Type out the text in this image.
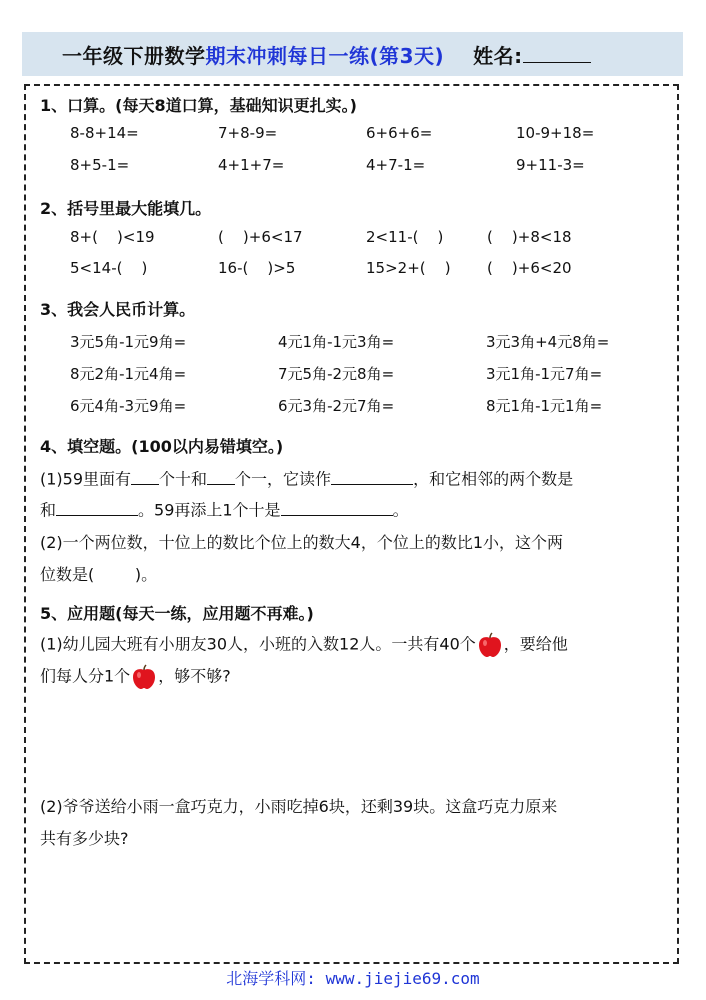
一年级下册数学期末冲刺每日一练(第3天) 姓名:
1、口算。(每天8道口算，基础知识更扎实。)
8-8+14=	7+8-9=	6+6+6=	10-9+18=
8+5-1=	4+1+7=	4+7-1=	9+11-3=
2、括号里最大能填几。
8+(    )<19	(    )+6<17	2<11-(    )	(    )+8<18
5<14-(    )	16-(    )>5	15>2+(    ) (    )+6<20
3、我会人民币计算。
3元5角-1元9角=	4元1角-1元3角=	3元3角+4元8角=
8元2角-1元4角=	7元5角-2元8角=	3元1角-1元7角=
6元4角-3元9角=	6元3角-2元7角=	8元1角-1元1角=
4、填空题。(100以内易错填空。)
(1)59里面有 个十和 个一，它读作	，和它相邻的两个数是
和	。59再添上1个十是	。
(2)一个两位数，十位上的数比个位上的数大4，个位上的数比1小，这个两
位数是(        )。
5、应用题(每天一练，应用题不再难。)
(1)幼儿园大班有小朋友30人，小班的入数12人。一共有40个 ，要给他
们每人分1个 ，够不够?
(2)爷爷送给小雨一盒巧克力，小雨吃掉6块，还剩39块。这盒巧克力原来
共有多少块?
北海学科网: www.jiejie69.com
